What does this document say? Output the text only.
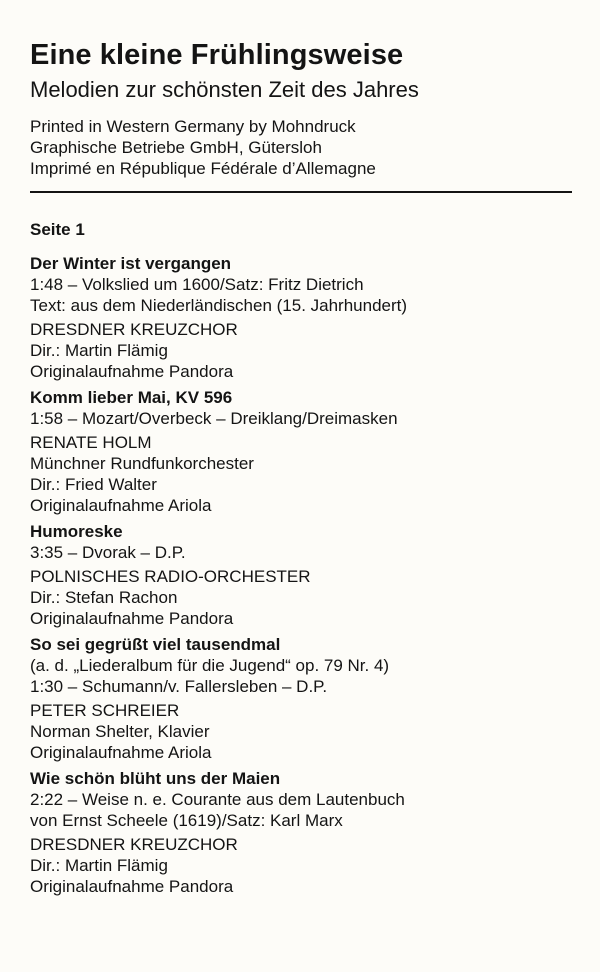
Eine kleine Frühlingsweise
Melodien zur schönsten Zeit des Jahres
Printed in Western Germany by Mohndruck
Graphische Betriebe GmbH, Gütersloh
Imprimé en République Fédérale d’Allemagne
Seite 1
Der Winter ist vergangen
1:48 – Volkslied um 1600/Satz: Fritz Dietrich
Text: aus dem Niederländischen (15. Jahrhundert)
DRESDNER KREUZCHOR
Dir.: Martin Flämig
Originalaufnahme Pandora
Komm lieber Mai, KV 596
1:58 – Mozart/Overbeck – Dreiklang/Dreimasken
RENATE HOLM
Münchner Rundfunkorchester
Dir.: Fried Walter
Originalaufnahme Ariola
Humoreske
3:35 – Dvorak – D.P.
POLNISCHES RADIO-ORCHESTER
Dir.: Stefan Rachon
Originalaufnahme Pandora
So sei gegrüßt viel tausendmal
(a. d. „Liederalbum für die Jugend“ op. 79 Nr. 4)
1:30 – Schumann/v. Fallersleben – D.P.
PETER SCHREIER
Norman Shelter, Klavier
Originalaufnahme Ariola
Wie schön blüht uns der Maien
2:22 – Weise n. e. Courante aus dem Lautenbuch
von Ernst Scheele (1619)/Satz: Karl Marx
DRESDNER KREUZCHOR
Dir.: Martin Flämig
Originalaufnahme Pandora
